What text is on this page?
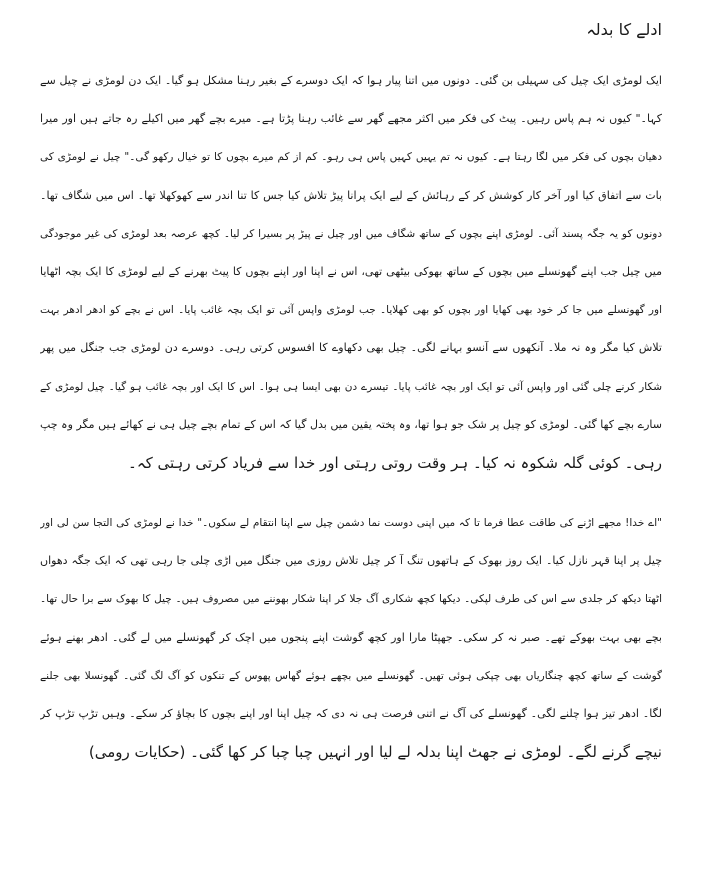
ادلے کا بدلہ
ایک لومڑی ایک چیل کی سہیلی بن گئی۔ دونوں میں اتنا پیار ہوا کہ ایک دوسرے کے بغیر رہنا مشکل ہو گیا۔ ایک دن لومڑی نے چیل سے
کہا۔" کیوں نہ ہم پاس رہیں۔ پیٹ کی فکر میں اکثر مجھے گھر سے غائب رہنا پڑتا ہے۔ میرے بچے گھر میں اکیلے رہ جاتے ہیں اور میرا
دھیان بچوں کی فکر میں لگا رہتا ہے۔ کیوں نہ تم یہیں کہیں پاس ہی رہو۔ کم از کم میرے بچوں کا تو خیال رکھو گی۔" چیل نے لومڑی کی
بات سے اتفاق کیا اور آخر کار کوشش کر کے رہائش کے لیے ایک پرانا پیڑ تلاش کیا جس کا تنا اندر سے کھوکھلا تھا۔ اس میں شگاف تھا۔
دونوں کو یہ جگہ پسند آئی۔ لومڑی اپنے بچوں کے ساتھ شگاف میں اور چیل نے پیڑ پر بسیرا کر لیا۔ کچھ عرصہ بعد لومڑی کی غیر موجودگی
میں چیل جب اپنے گھونسلے میں بچوں کے ساتھ بھوکی بیٹھی تھی، اس نے اپنا اور اپنے بچوں کا پیٹ بھرنے کے لیے لومڑی کا ایک بچہ اٹھایا
اور گھونسلے میں جا کر خود بھی کھایا اور بچوں کو بھی کھلایا۔ جب لومڑی واپس آئی تو ایک بچہ غائب پایا۔ اس نے بچے کو ادھر ادھر بہت
تلاش کیا مگر وہ نہ ملا۔ آنکھوں سے آنسو بہانے لگی۔ چیل بھی دکھاوے کا افسوس کرتی رہی۔ دوسرے دن لومڑی جب جنگل میں پھر
شکار کرنے چلی گئی اور واپس آئی تو ایک اور بچہ غائب پایا۔ تیسرے دن بھی ایسا ہی ہوا۔ اس کا ایک اور بچہ غائب ہو گیا۔ چیل لومڑی کے
سارے بچے کھا گئی۔ لومڑی کو چیل پر شک جو ہوا تھا، وہ پختہ یقین میں بدل گیا کہ اس کے تمام بچے چیل ہی نے کھائے ہیں مگر وہ چپ
رہی۔ کوئی گلہ شکوہ نہ کیا۔ ہر وقت روتی رہتی اور خدا سے فریاد کرتی رہتی کہ۔
"اے خدا! مجھے اڑنے کی طاقت عطا فرما تا کہ میں اپنی دوست نما دشمن چیل سے اپنا انتقام لے سکوں۔" خدا نے لومڑی کی التجا سن لی اور
چیل پر اپنا قہر نازل کیا۔ ایک روز بھوک کے ہاتھوں تنگ آ کر چیل تلاش روزی میں جنگل میں اڑی چلی جا رہی تھی کہ ایک جگہ دھواں
اٹھتا دیکھ کر جلدی سے اس کی طرف لپکی۔ دیکھا کچھ شکاری آگ جلا کر اپنا شکار بھوننے میں مصروف ہیں۔ چیل کا بھوک سے برا حال تھا۔
بچے بھی بہت بھوکے تھے۔ صبر نہ کر سکی۔ جھپٹا مارا اور کچھ گوشت اپنے پنجوں میں اچک کر گھونسلے میں لے گئی۔ ادھر بھنے ہوئے
گوشت کے ساتھ کچھ چنگاریاں بھی چپکی ہوئی تھیں۔ گھونسلے میں بچھے ہوئے گھاس پھوس کے تنکوں کو آگ لگ گئی۔ گھونسلا بھی جلنے
لگا۔ ادھر تیز ہوا چلنے لگی۔ گھونسلے کی آگ نے اتنی فرصت ہی نہ دی کہ چیل اپنا اور اپنے بچوں کا بچاؤ کر سکے۔ وہیں تڑپ تڑپ کر
نیچے گرنے لگے۔ لومڑی نے جھٹ اپنا بدلہ لے لیا اور انہیں چبا چبا کر کھا گئی۔ (حکایات رومی)
